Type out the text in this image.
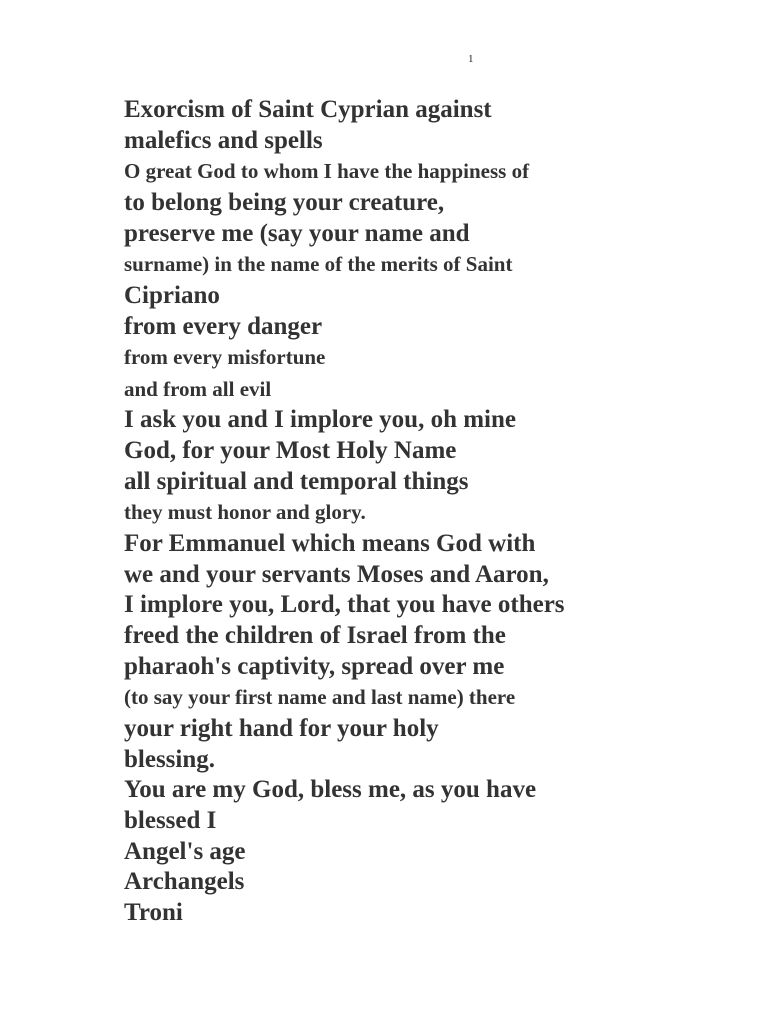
1
Exorcism of Saint Cyprian against
malefics and spells
O great God to whom I have the happiness of
to belong being your creature,
preserve me (say your name and
surname) in the name of the merits of Saint
Cipriano
from every danger
from every misfortune
and from all evil
I ask you and I implore you, oh mine
God, for your Most Holy Name
all spiritual and temporal things
they must honor and glory.
For Emmanuel which means God with
we and your servants Moses and Aaron,
I implore you, Lord, that you have others
freed the children of Israel from the
pharaoh's captivity, spread over me
(to say your first name and last name) there
your right hand for your holy
blessing.
You are my God, bless me, as you have
blessed I
Angel's age
Archangels
Troni
